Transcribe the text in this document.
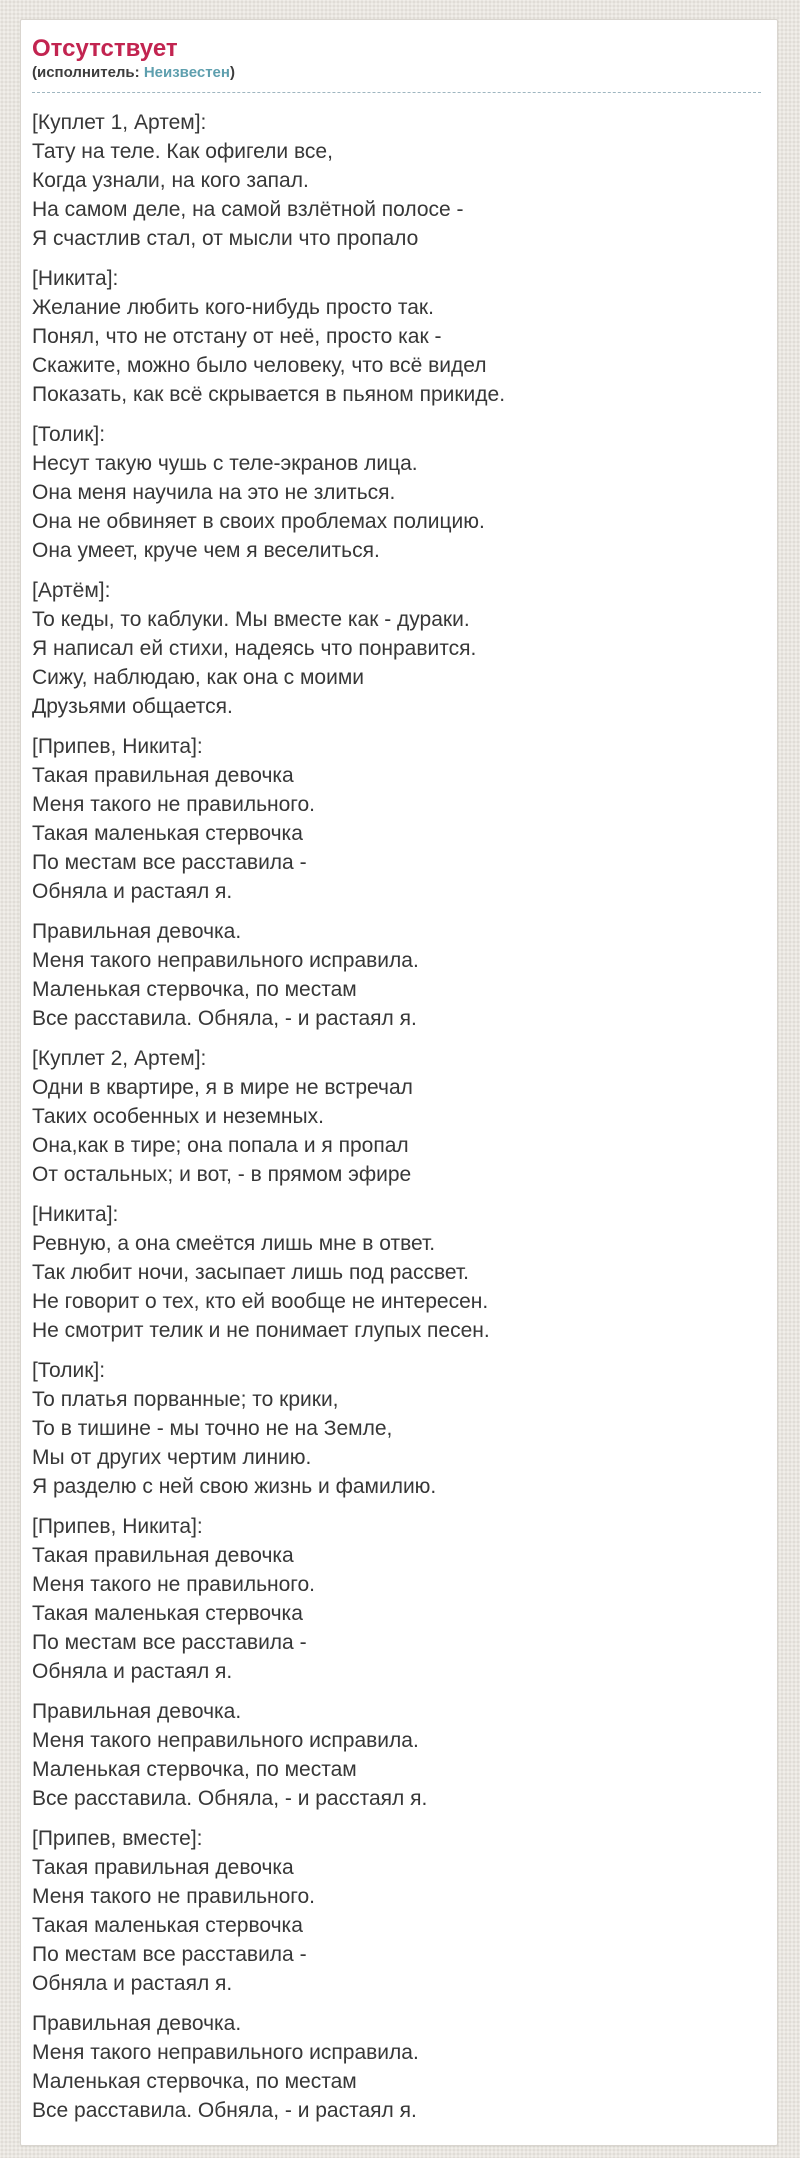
Отсутствует
(исполнитель: Неизвестен)

[Куплет 1, Артем]:
Тату на теле. Как офигели все,
Когда узнали, на кого запал.
На самом деле, на самой взлётной полосе -
Я счастлив стал, от мысли что пропало

[Никита]:
Желание любить кого-нибудь просто так.
Понял, что не отстану от неё, просто как -
Скажите, можно было человеку, что всё видел
Показать, как всё скрывается в пьяном прикиде.

[Толик]:
Несут такую чушь с теле-экранов лица.
Она меня научила на это не злиться.
Она не обвиняет в своих проблемах полицию.
Она умеет, круче чем я веселиться.

[Артём]:
То кеды, то каблуки. Мы вместе как - дураки.
Я написал ей стихи, надеясь что понравится.
Сижу, наблюдаю, как она с моими
Друзьями общается.

[Припев, Никита]:
Такая правильная девочка
Меня такого не правильного.
Такая маленькая стервочка
По местам все расставила -
Обняла и растаял я.

Правильная девочка.
Меня такого неправильного исправила.
Маленькая стервочка, по местам
Все расставила. Обняла, - и растаял я.

[Куплет 2, Артем]:
Одни в квартире, я в мире не встречал
Таких особенных и неземных.
Она,как в тире; она попала и я пропал
От остальных; и вот, - в прямом эфире

[Никита]:
Ревную, а она смеётся лишь мне в ответ.
Так любит ночи, засыпает лишь под рассвет.
Не говорит о тех, кто ей вообще не интересен.
Не смотрит телик и не понимает глупых песен.

[Толик]:
То платья порванные; то крики,
То в тишине - мы точно не на Земле,
Мы от других чертим линию.
Я разделю с ней свою жизнь и фамилию.

[Припев, Никита]:
Такая правильная девочка
Меня такого не правильного.
Такая маленькая стервочка
По местам все расставила -
Обняла и растаял я.

Правильная девочка.
Меня такого неправильного исправила.
Маленькая стервочка, по местам
Все расставила. Обняла, - и расстаял я.

[Припев, вместе]:
Такая правильная девочка
Меня такого не правильного.
Такая маленькая стервочка
По местам все расставила -
Обняла и растаял я.

Правильная девочка.
Меня такого неправильного исправила.
Маленькая стервочка, по местам
Все расставила. Обняла, - и растаял я.
